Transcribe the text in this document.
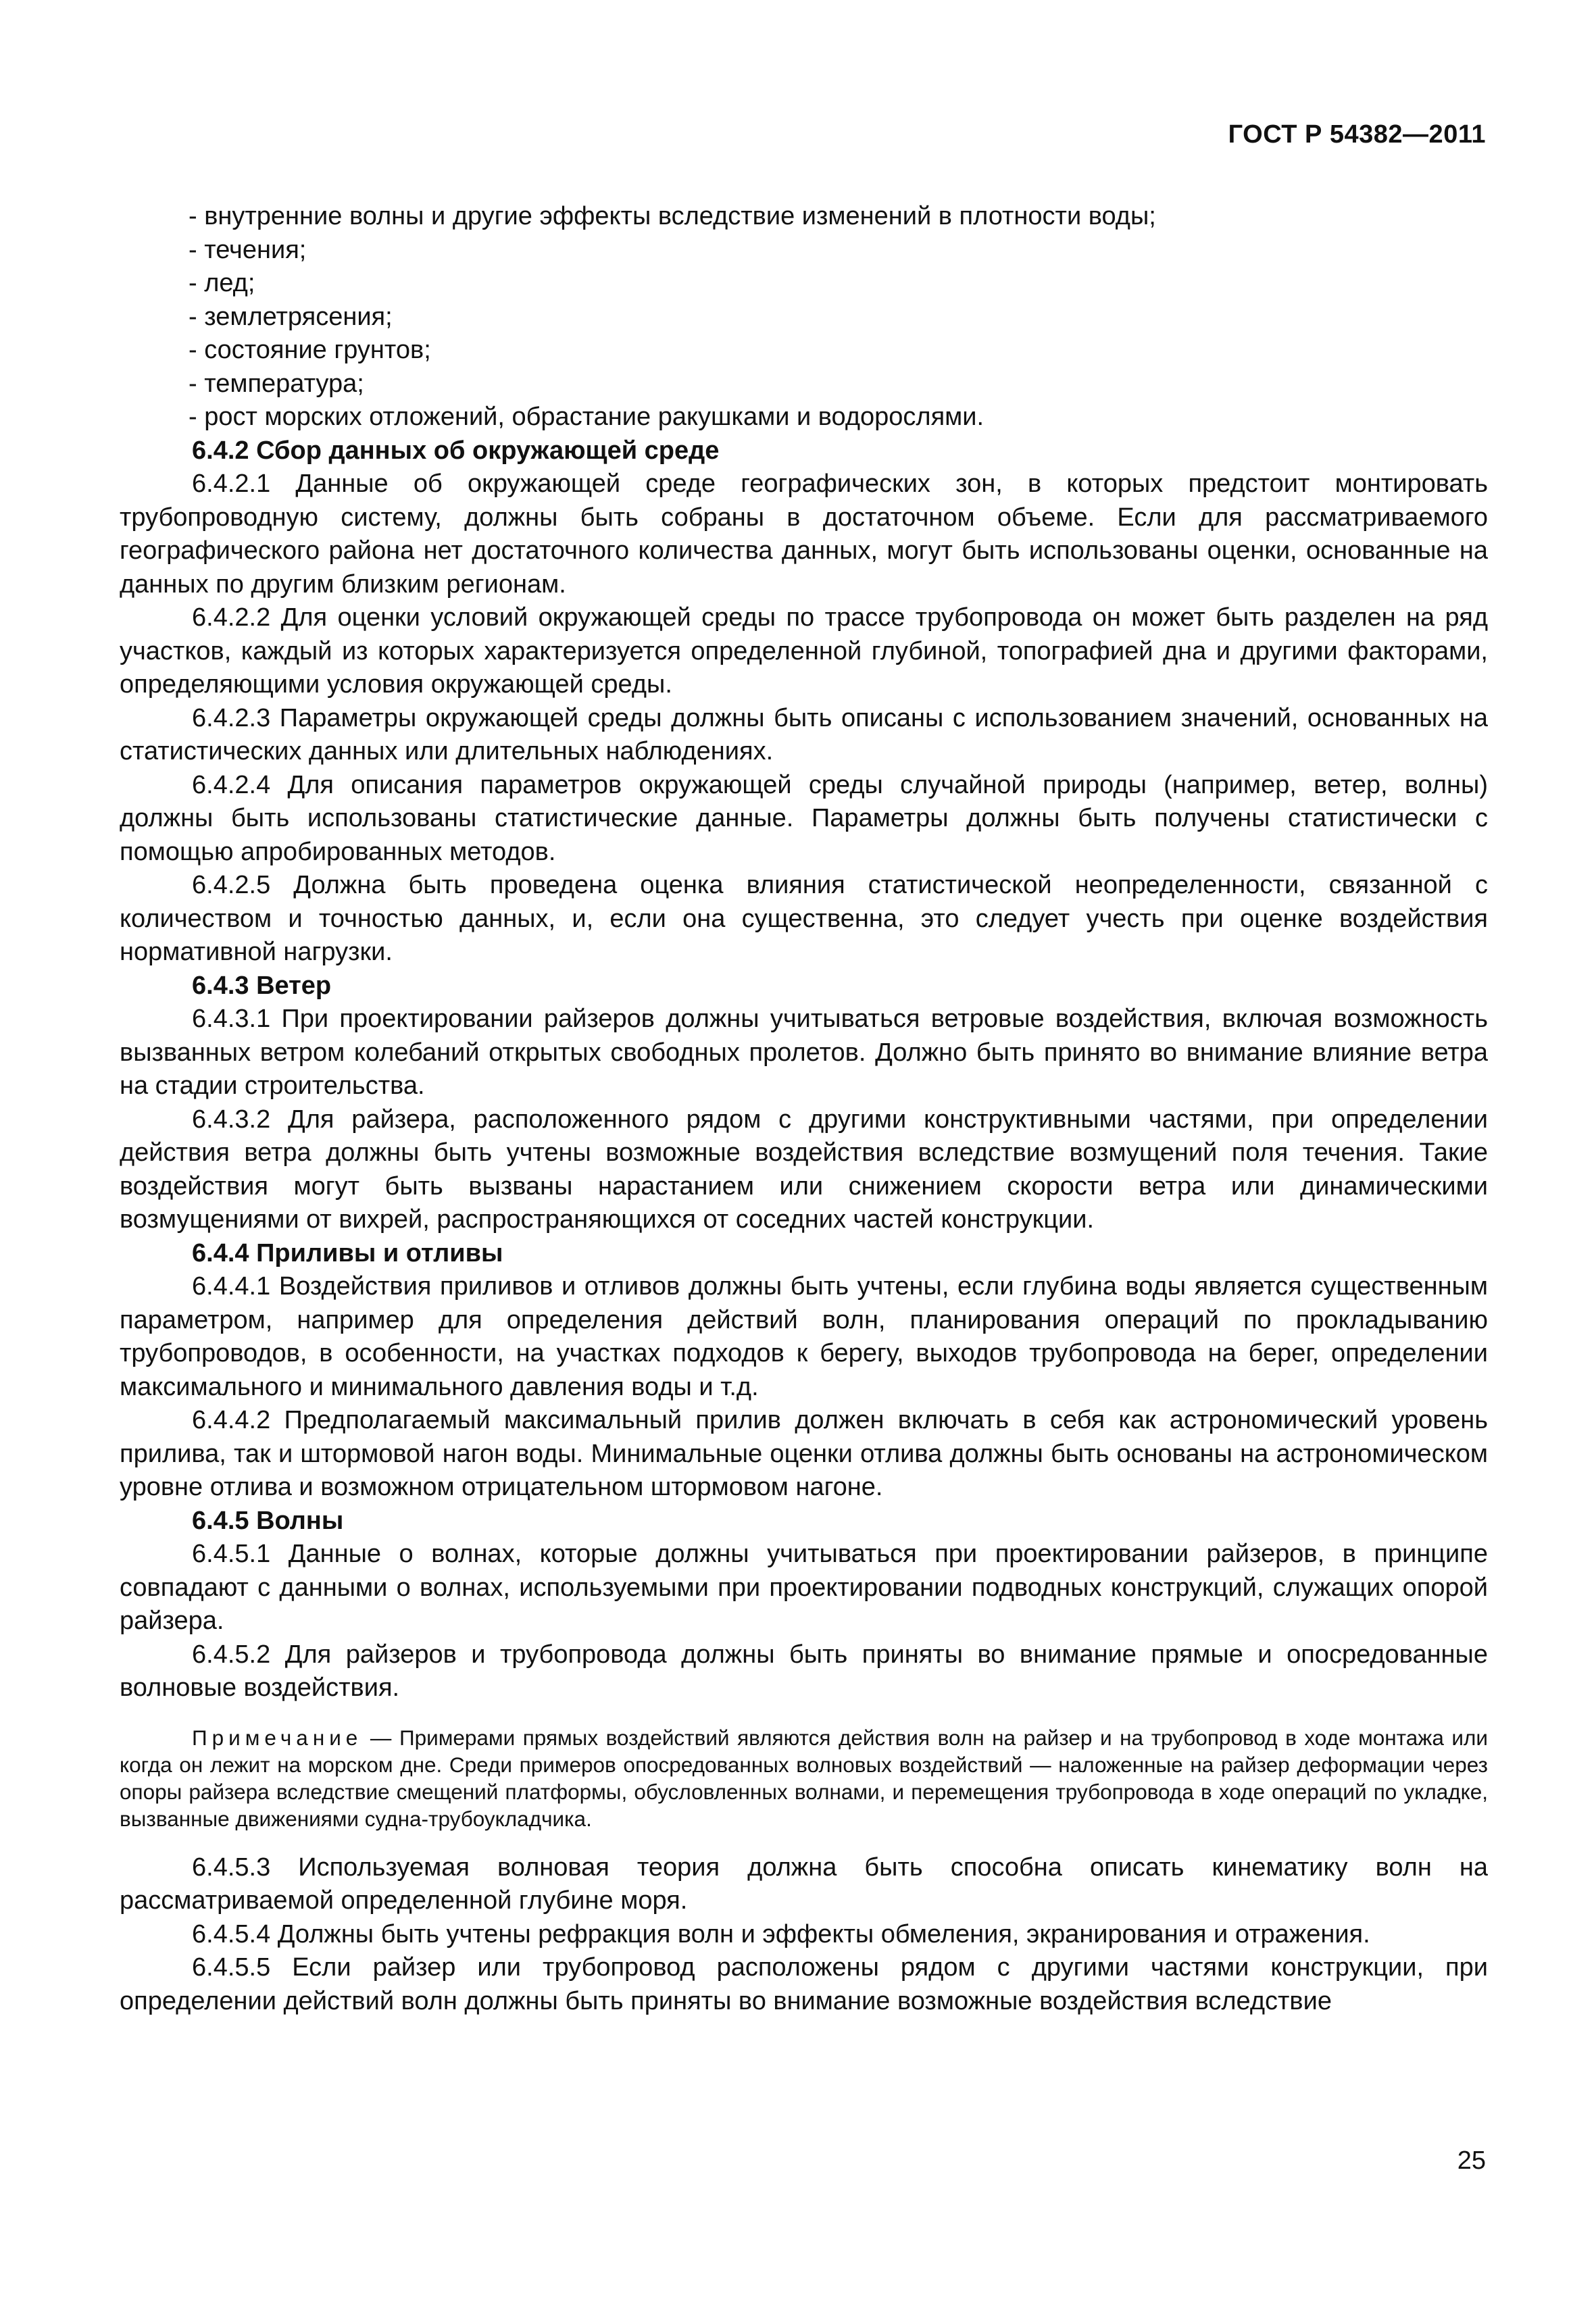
ГОСТ Р 54382—2011

- внутренние волны и другие эффекты вследствие изменений в плотности воды;

- течения;

- лед;

- землетрясения;

- состояние грунтов;

- температура;

- рост морских отложений, обрастание ракушками и водорослями.

6.4.2 Сбор данных об окружающей среде

6.4.2.1 Данные об окружающей среде географических зон, в которых предстоит монтировать трубопроводную систему, должны быть собраны в достаточном объеме. Если для рассматриваемого географического района нет достаточного количества данных, могут быть использованы оценки, основанные на данных по другим близким регионам.

6.4.2.2 Для оценки условий окружающей среды по трассе трубопровода он может быть разделен на ряд участков, каждый из которых характеризуется определенной глубиной, топографией дна и другими факторами, определяющими условия окружающей среды.

6.4.2.3 Параметры окружающей среды должны быть описаны с использованием значений, основанных на статистических данных или длительных наблюдениях.

6.4.2.4 Для описания параметров окружающей среды случайной природы (например, ветер, волны) должны быть использованы статистические данные. Параметры должны быть получены статистически с помощью апробированных методов.

6.4.2.5 Должна быть проведена оценка влияния статистической неопределенности, связанной с количеством и точностью данных, и, если она существенна, это следует учесть при оценке воздействия нормативной нагрузки.

6.4.3 Ветер

6.4.3.1 При проектировании райзеров должны учитываться ветровые воздействия, включая возможность вызванных ветром колебаний открытых свободных пролетов. Должно быть принято во внимание влияние ветра на стадии строительства.

6.4.3.2 Для райзера, расположенного рядом с другими конструктивными частями, при определении действия ветра должны быть учтены возможные воздействия вследствие возмущений поля течения. Такие воздействия могут быть вызваны нарастанием или снижением скорости ветра или динамическими возмущениями от вихрей, распространяющихся от соседних частей конструкции.

6.4.4 Приливы и отливы

6.4.4.1 Воздействия приливов и отливов должны быть учтены, если глубина воды является существенным параметром, например для определения действий волн, планирования операций по прокладыванию трубопроводов, в особенности, на участках подходов к берегу, выходов трубопровода на берег, определении максимального и минимального давления воды и т.д.

6.4.4.2 Предполагаемый максимальный прилив должен включать в себя как астрономический уровень прилива, так и штормовой нагон воды. Минимальные оценки отлива должны быть основаны на астрономическом уровне отлива и возможном отрицательном штормовом нагоне.

6.4.5 Волны

6.4.5.1 Данные о волнах, которые должны учитываться при проектировании райзеров, в принципе совпадают с данными о волнах, используемыми при проектировании подводных конструкций, служащих опорой райзера.

6.4.5.2 Для райзеров и трубопровода должны быть приняты во внимание прямые и опосредованные волновые воздействия.

Примечание — Примерами прямых воздействий являются действия волн на райзер и на трубопровод в ходе монтажа или когда он лежит на морском дне. Среди примеров опосредованных волновых воздействий — наложенные на райзер деформации через опоры райзера вследствие смещений платформы, обусловленных волнами, и перемещения трубопровода в ходе операций по укладке, вызванные движениями судна-трубоукладчика.

6.4.5.3 Используемая волновая теория должна быть способна описать кинематику волн на рассматриваемой определенной глубине моря.

6.4.5.4 Должны быть учтены рефракция волн и эффекты обмеления, экранирования и отражения.

6.4.5.5 Если райзер или трубопровод расположены рядом с другими частями конструкции, при определении действий волн должны быть приняты во внимание возможные воздействия вследствие

25
